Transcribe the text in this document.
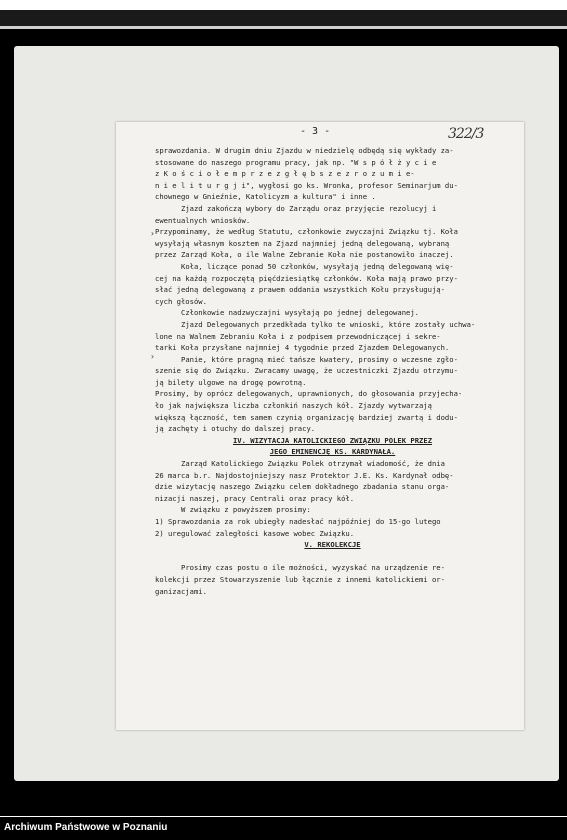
- 3 -	322/3
sprawozdania. W drugim dniu Zjazdu w niedzielę odbędą się wykłady za-
stosowane do naszego programu pracy, jak np. "W s p ó ł ż y c i e
z K o ś c i o ł e m p r z e z g ł ę b s z e z r o z u m i e-
n i e l i t u r g j i", wygłosi go ks. Wronka, profesor Seminarjum du-
chownego w Gnieźnie, Katolicyzm a kultura" i inne .
Zjazd zakończą wybory do Zarządu oraz przyjęcie rezolucyj i
ewentualnych wniosków.
Przypominamy, że według Statutu, członkowie zwyczajni Związku tj. Koła
wysyłają własnym kosztem na Zjazd najmniej jedną delegowaną, wybraną
przez Zarząd Koła, o ile Walne Zebranie Koła nie postanowiło inaczej.
Koła, liczące ponad 50 członków, wysyłają jedną delegowaną wię-
cej na każdą rozpoczętą pięćdziesiątkę członków. Koła mają prawo przy-
słać jedną delegowaną z prawem oddania wszystkich Kołu przysługują-
cych głosów.
Członkowie nadzwyczajni wysyłają po jednej delegowanej.
Zjazd Delegowanych przedkłada tylko te wnioski, które zostały uchwa-
lone na Walnem Zebraniu Koła i z podpisem przewodniczącej i sekre-
tarki Koła przysłane najmniej 4 tygodnie przed Zjazdem Delegowanych.
Panie, które pragną mieć tańsze kwatery, prosimy o wczesne zgło-
szenie się do Związku. Zwracamy uwagę, że uczestniczki Zjazdu otrzymu-
ją bilety ulgowe na drogę powrotną.
Prosimy, by oprócz delegowanych, uprawnionych, do głosowania przyjecha-
ło jak największa liczba członkiń naszych kół. Zjazdy wytwarzają
większą łączność, tem samem czynią organizację bardziej zwartą i dodu-
ją zachęty i otuchy do dalszej pracy.
IV. WIZYTACJA KATOLICKIEGO ZWIĄZKU POLEK PRZEZ
JEGO EMINENCJĘ KS. KARDYNAŁA.
Zarząd Katolickiego Związku Polek otrzymał wiadomość, że dnia
26 marca b.r. Najdostojniejszy nasz Protektor J.E. Ks. Kardynał odbę-
dzie wizytację naszego Związku celem dokładnego zbadania stanu orga-
nizacji naszej, pracy Centrali oraz pracy kół.
W związku z powyższem prosimy:
1) Sprawozdania za rok ubiegły nadesłać najpóźniej do 15-go lutego
2) uregulować zaległości kasowe wobec Związku.
V. REKOLEKCJE
Prosimy czas postu o ile możności, wyzyskać na urządzenie re-
kolekcji przez Stowarzyszenie lub łącznie z innemi katolickiemi or-
ganizacjami.
›
›
Archiwum Państwowe w Poznaniu
